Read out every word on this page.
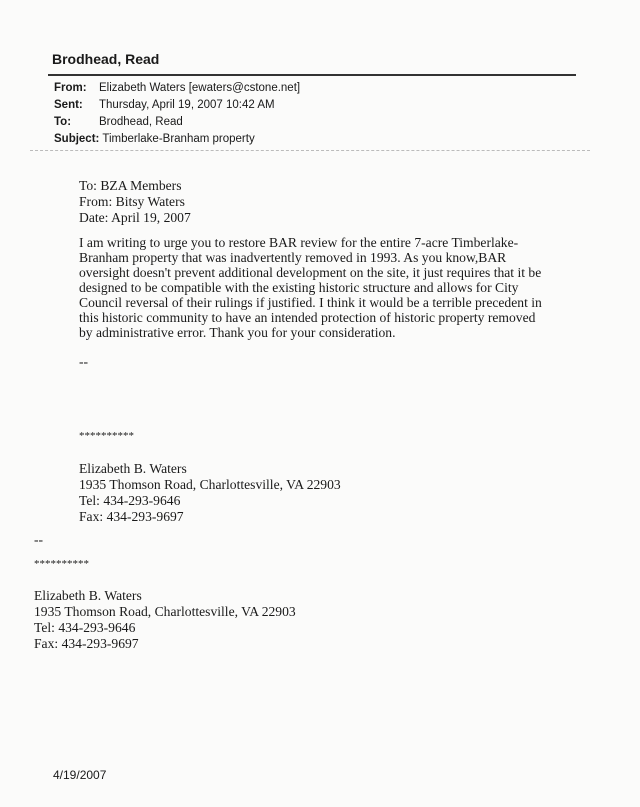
Brodhead, Read
From: Elizabeth Waters [ewaters@cstone.net]
Sent: Thursday, April 19, 2007 10:42 AM
To: Brodhead, Read
Subject: Timberlake-Branham property
To: BZA Members
From: Bitsy Waters
Date: April 19, 2007
I am writing to urge you to restore BAR review for the entire 7-acre Timberlake-Branham property that was inadvertently removed in 1993. As you know,BAR oversight doesn't prevent additional development on the site, it just requires that it be designed to be compatible with the existing historic structure and allows for City Council reversal of their rulings if justified. I think it would be a terrible precedent in this historic community to have an intended protection of historic property removed by administrative error. Thank you for your consideration.
--
**********
Elizabeth B. Waters
1935 Thomson Road, Charlottesville, VA 22903
Tel: 434-293-9646
Fax: 434-293-9697
--
**********
Elizabeth B. Waters
1935 Thomson Road, Charlottesville, VA 22903
Tel: 434-293-9646
Fax: 434-293-9697
4/19/2007
